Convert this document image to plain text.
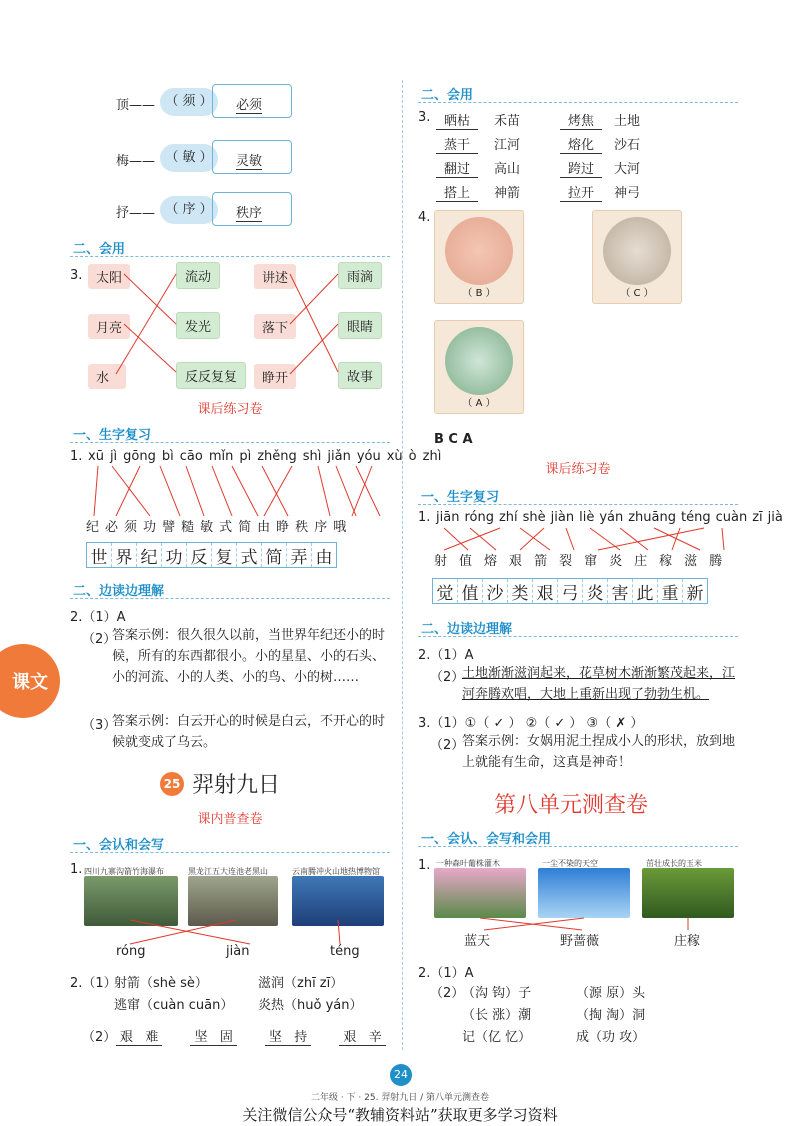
顶—— （ 须 ）	必须
梅—— （ 敏 ）	灵敏
抒—— （ 序 ）	秩序
二、会用
3.	太阳
月亮
水
流动
发光
反反复复
讲述
落下
睁开
雨滴
眼睛
故事
课后练习卷
一、生字复习
1. xū jì gōng bì cāo mǐn pì zhěng shì jiǎn yóu xù ò zhì
纪 必 须 功 譬 糙 敏 式 简 由 睁 秩 序 哦
世 界 纪 功 反 复 式 简 弄 由
二、边读边理解
2.（1）A
（2）
答案示例：很久很久以前，当世界年纪还小的时候，所有的东西都很小。小的星星、小的石头、小的河流、小的人类、小的鸟、小的树……
（3）
答案示例：白云开心的时候是白云，不开心的时候就变成了乌云。
25 羿射九日
课内普查卷
一、会认和会写
1. 四川九寨沟箭竹海瀑布	黑龙江五大连池老黑山	云南腾冲火山地热博物馆
róng	jiàn	téng
2.（1）
射箭（shè sè）	滋润（zhī zī）
逃窜（cuàn cuān） 炎热（huǒ yán）
（2） 艰 难	坚 固	坚 持	艰 辛
课文
二、会用
3.	晒枯	禾苗	烤焦	土地
蒸干	江河	熔化	沙石
翻过	高山	跨过	大河
搭上	神箭	拉开	神弓
4.
（ B ）	（ C ）
（ A ）
B C A
课后练习卷
一、生字复习
1. jiān róng zhí shè jiàn liè yán zhuāng téng cuàn zī jià
射 值 熔 艰 箭 裂 窜 炎 庄 稼 滋 腾
觉 值 沙 类 艰 弓 炎 害 此 重 新
二、边读边理解
2.（1）A
（2）
土地渐渐滋润起来，花草树木渐渐繁茂起来，江河奔腾欢唱，大地上重新出现了勃勃生机。
3.（1）①（ ✓ ） ②（ ✓ ） ③（ ✗ ）
（2）
答案示例：女娲用泥土捏成小人的形状，放到地上就能有生命，这真是神奇！
第八单元测查卷
一、会认、会写和会用
1. 一种森叶葡株灌木	一尘不染的天空	茁壮成长的玉米
蓝天	野蔷薇	庄稼
2.（1）A
（2）
（沟 钩）子	（源 原）头
（长 涨）潮	（掏 淘）洞
记（亿 忆）	成（功 攻）
24
二年级 · 下 · 25. 羿射九日 / 第八单元测查卷
关注微信公众号“教辅资料站”获取更多学习资料
